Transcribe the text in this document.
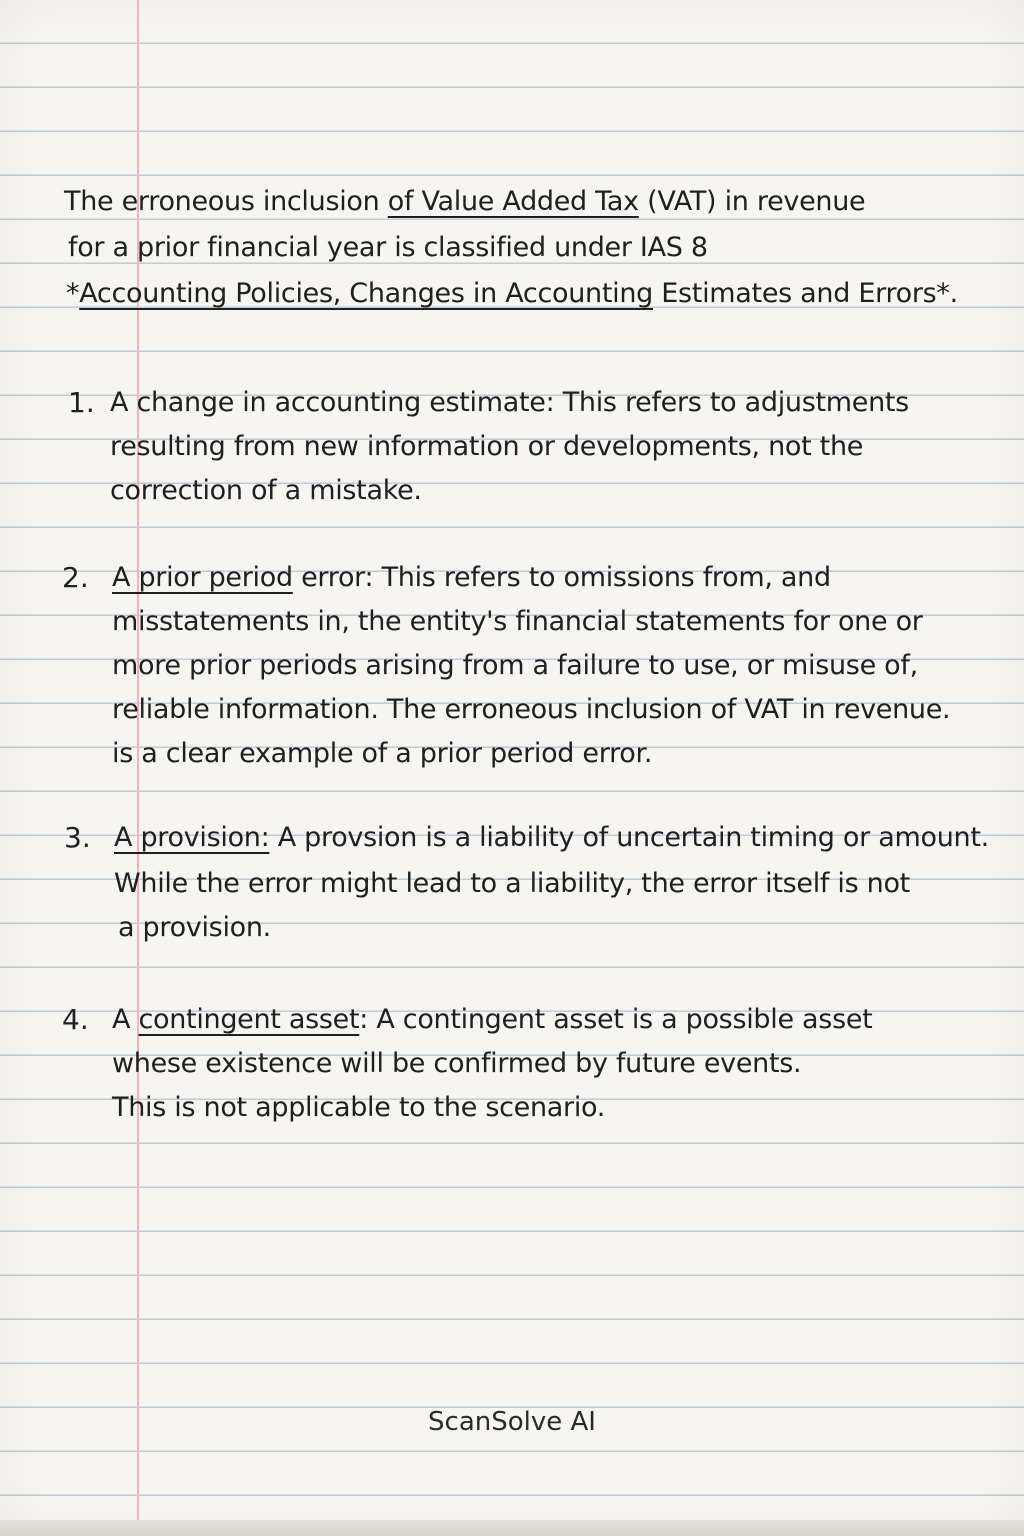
The erroneous inclusion of Value Added Tax (VAT) in revenue
for a prior financial year is classified under IAS 8
*Accounting Policies, Changes in Accounting Estimates and Errors*.
1. A change in accounting estimate: This refers to adjustments
resulting from new information or developments, not the
correction of a mistake.
2. A prior period error: This refers to omissions from, and
misstatements in, the entity's financial statements for one or
more prior periods arising from a failure to use, or misuse of,
reliable information. The erroneous inclusion of VAT in revenue.
is a clear example of a prior period error.
3. A provision: A provsion is a liability of uncertain timing or amount.
While the error might lead to a liability, the error itself is not
a provision.
4. A contingent asset: A contingent asset is a possible asset
whese existence will be confirmed by future events.
This is not applicable to the scenario.
ScanSolve AI
